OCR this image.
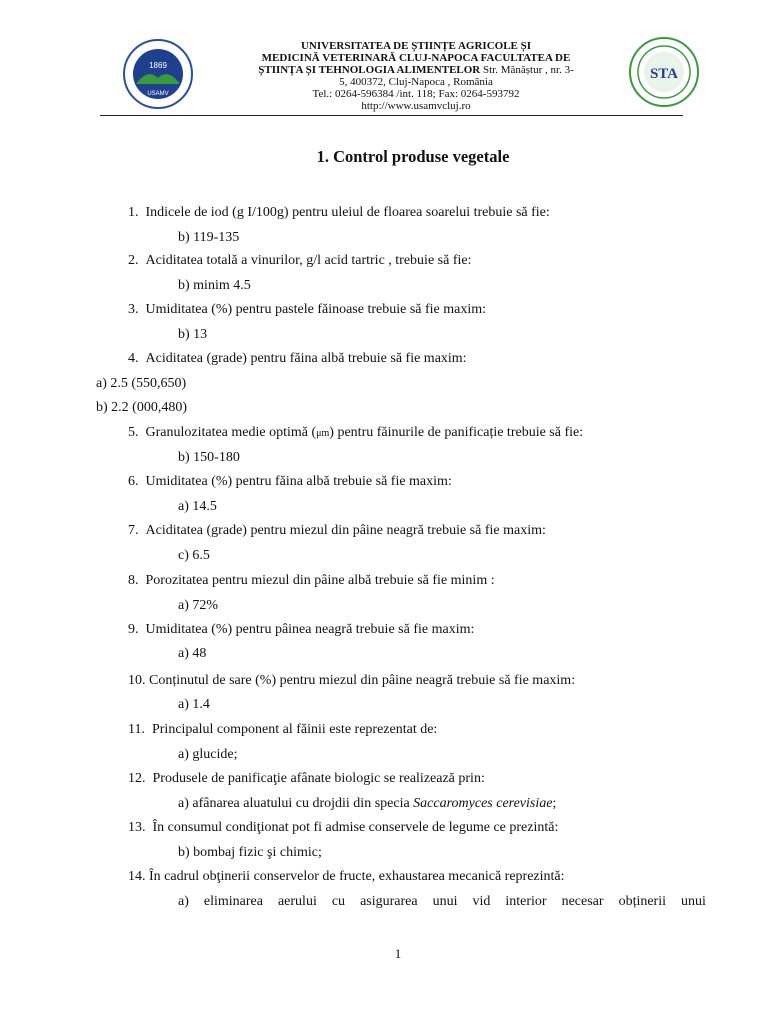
1869
USAMV
UNIVERSITATEA DE ȘTIINȚE AGRICOLE ȘI
MEDICINĂ VETERINARĂ CLUJ-NAPOCA FACULTATEA DE
ȘTIINȚA ȘI TEHNOLOGIA ALIMENTELOR Str. Mănăștur , nr. 3-
5, 400372, Cluj-Napoca , România
Tel.: 0264-596384 /int. 118; Fax: 0264-593792
http://www.usamvcluj.ro
STA
1. Control produse vegetale
1. Indicele de iod (g I/100g) pentru uleiul de floarea soarelui trebuie să fie:
b) 119-135
2. Aciditatea totală a vinurilor, g/l acid tartric , trebuie să fie:
b) minim 4.5
3. Umiditatea (%) pentru pastele făinoase trebuie să fie maxim:
b) 13
4. Aciditatea (grade) pentru făina albă trebuie să fie maxim:
a) 2.5 (550,650)
b) 2.2 (000,480)
5. Granulozitatea medie optimă (μm) pentru făinurile de panificație trebuie să fie:
b) 150-180
6. Umiditatea (%) pentru făina albă trebuie să fie maxim:
a) 14.5
7. Aciditatea (grade) pentru miezul din pâine neagră trebuie să fie maxim:
c) 6.5
8. Porozitatea pentru miezul din pâine albă trebuie să fie minim :
a) 72%
9. Umiditatea (%) pentru pâinea neagră trebuie să fie maxim:
a) 48
10. Conținutul de sare (%) pentru miezul din pâine neagră trebuie să fie maxim:
a) 1.4
11. Principalul component al făinii este reprezentat de:
a) glucide;
12. Produsele de panificaţie afânate biologic se realizează prin:
a) afânarea aluatului cu drojdii din specia Saccaromyces cerevisiae;
13. În consumul condiţionat pot fi admise conservele de legume ce prezintă:
b) bombaj fizic şi chimic;
14. În cadrul obţinerii conservelor de fructe, exhaustarea mecanică reprezintă:
a) eliminarea aerului cu asigurarea unui vid interior necesar obținerii unui
1
